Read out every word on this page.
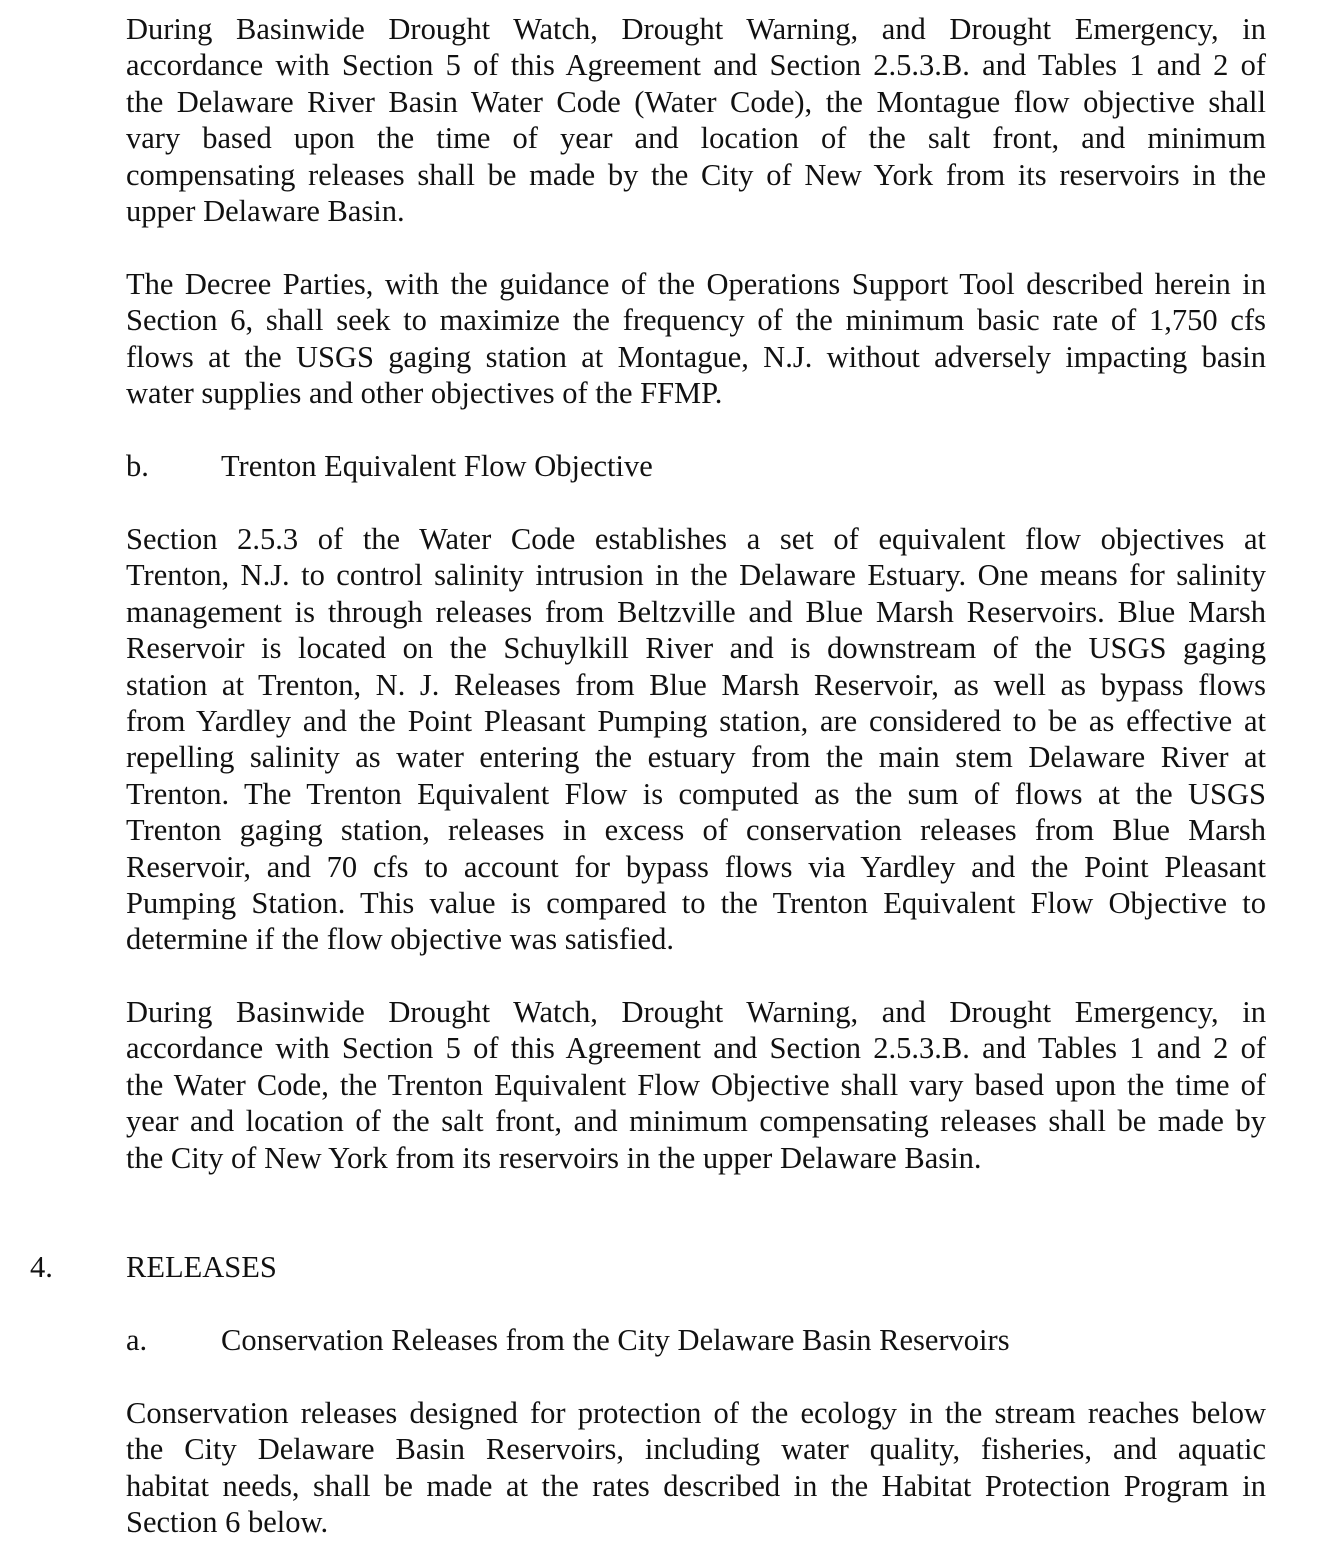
During Basinwide Drought Watch, Drought Warning, and Drought Emergency, in
accordance with Section 5 of this Agreement and Section 2.5.3.B. and Tables 1 and 2 of
the Delaware River Basin Water Code (Water Code), the Montague flow objective shall
vary based upon the time of year and location of the salt front, and minimum
compensating releases shall be made by the City of New York from its reservoirs in the
upper Delaware Basin.
The Decree Parties, with the guidance of the Operations Support Tool described herein in
Section 6, shall seek to maximize the frequency of the minimum basic rate of 1,750 cfs
flows at the USGS gaging station at Montague, N.J. without adversely impacting basin
water supplies and other objectives of the FFMP.
b. Trenton Equivalent Flow Objective
Section 2.5.3 of the Water Code establishes a set of equivalent flow objectives at
Trenton, N.J. to control salinity intrusion in the Delaware Estuary. One means for salinity
management is through releases from Beltzville and Blue Marsh Reservoirs. Blue Marsh
Reservoir is located on the Schuylkill River and is downstream of the USGS gaging
station at Trenton, N. J. Releases from Blue Marsh Reservoir, as well as bypass flows
from Yardley and the Point Pleasant Pumping station, are considered to be as effective at
repelling salinity as water entering the estuary from the main stem Delaware River at
Trenton. The Trenton Equivalent Flow is computed as the sum of flows at the USGS
Trenton gaging station, releases in excess of conservation releases from Blue Marsh
Reservoir, and 70 cfs to account for bypass flows via Yardley and the Point Pleasant
Pumping Station. This value is compared to the Trenton Equivalent Flow Objective to
determine if the flow objective was satisfied.
During Basinwide Drought Watch, Drought Warning, and Drought Emergency, in
accordance with Section 5 of this Agreement and Section 2.5.3.B. and Tables 1 and 2 of
the Water Code, the Trenton Equivalent Flow Objective shall vary based upon the time of
year and location of the salt front, and minimum compensating releases shall be made by
the City of New York from its reservoirs in the upper Delaware Basin.
4. RELEASES
a. Conservation Releases from the City Delaware Basin Reservoirs
Conservation releases designed for protection of the ecology in the stream reaches below
the City Delaware Basin Reservoirs, including water quality, fisheries, and aquatic
habitat needs, shall be made at the rates described in the Habitat Protection Program in
Section 6 below.
